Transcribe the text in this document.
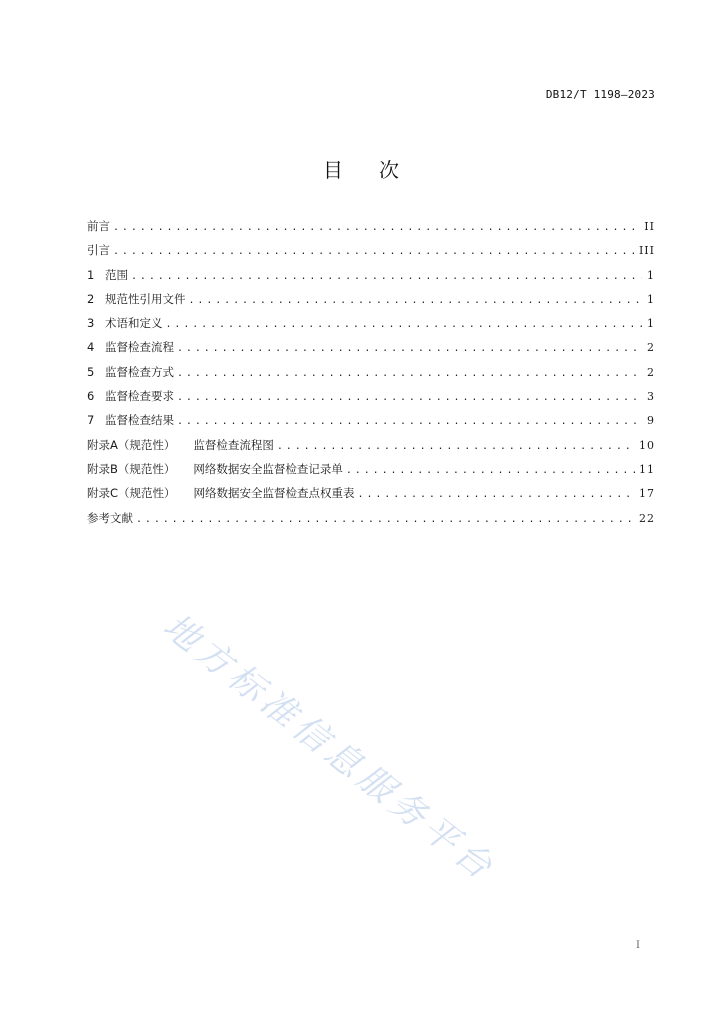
DB12/T 1198—2023
目 次
前言 .....	II
引言 .....	III
1 范围 .....	1
2 规范性引用文件 .....	1
3 术语和定义 .....	1
4 监督检查流程 .....	2
5 监督检查方式 .....	2
6 监督检查要求 .....	3
7 监督检查结果 .....	9
附录A（规范性） 监督检查流程图 .....	10
附录B（规范性） 网络数据安全监督检查记录单 .....	11
附录C（规范性） 网络数据安全监督检查点权重表 .....	17
参考文献 .....	22
地方标准信息服务平台
I
